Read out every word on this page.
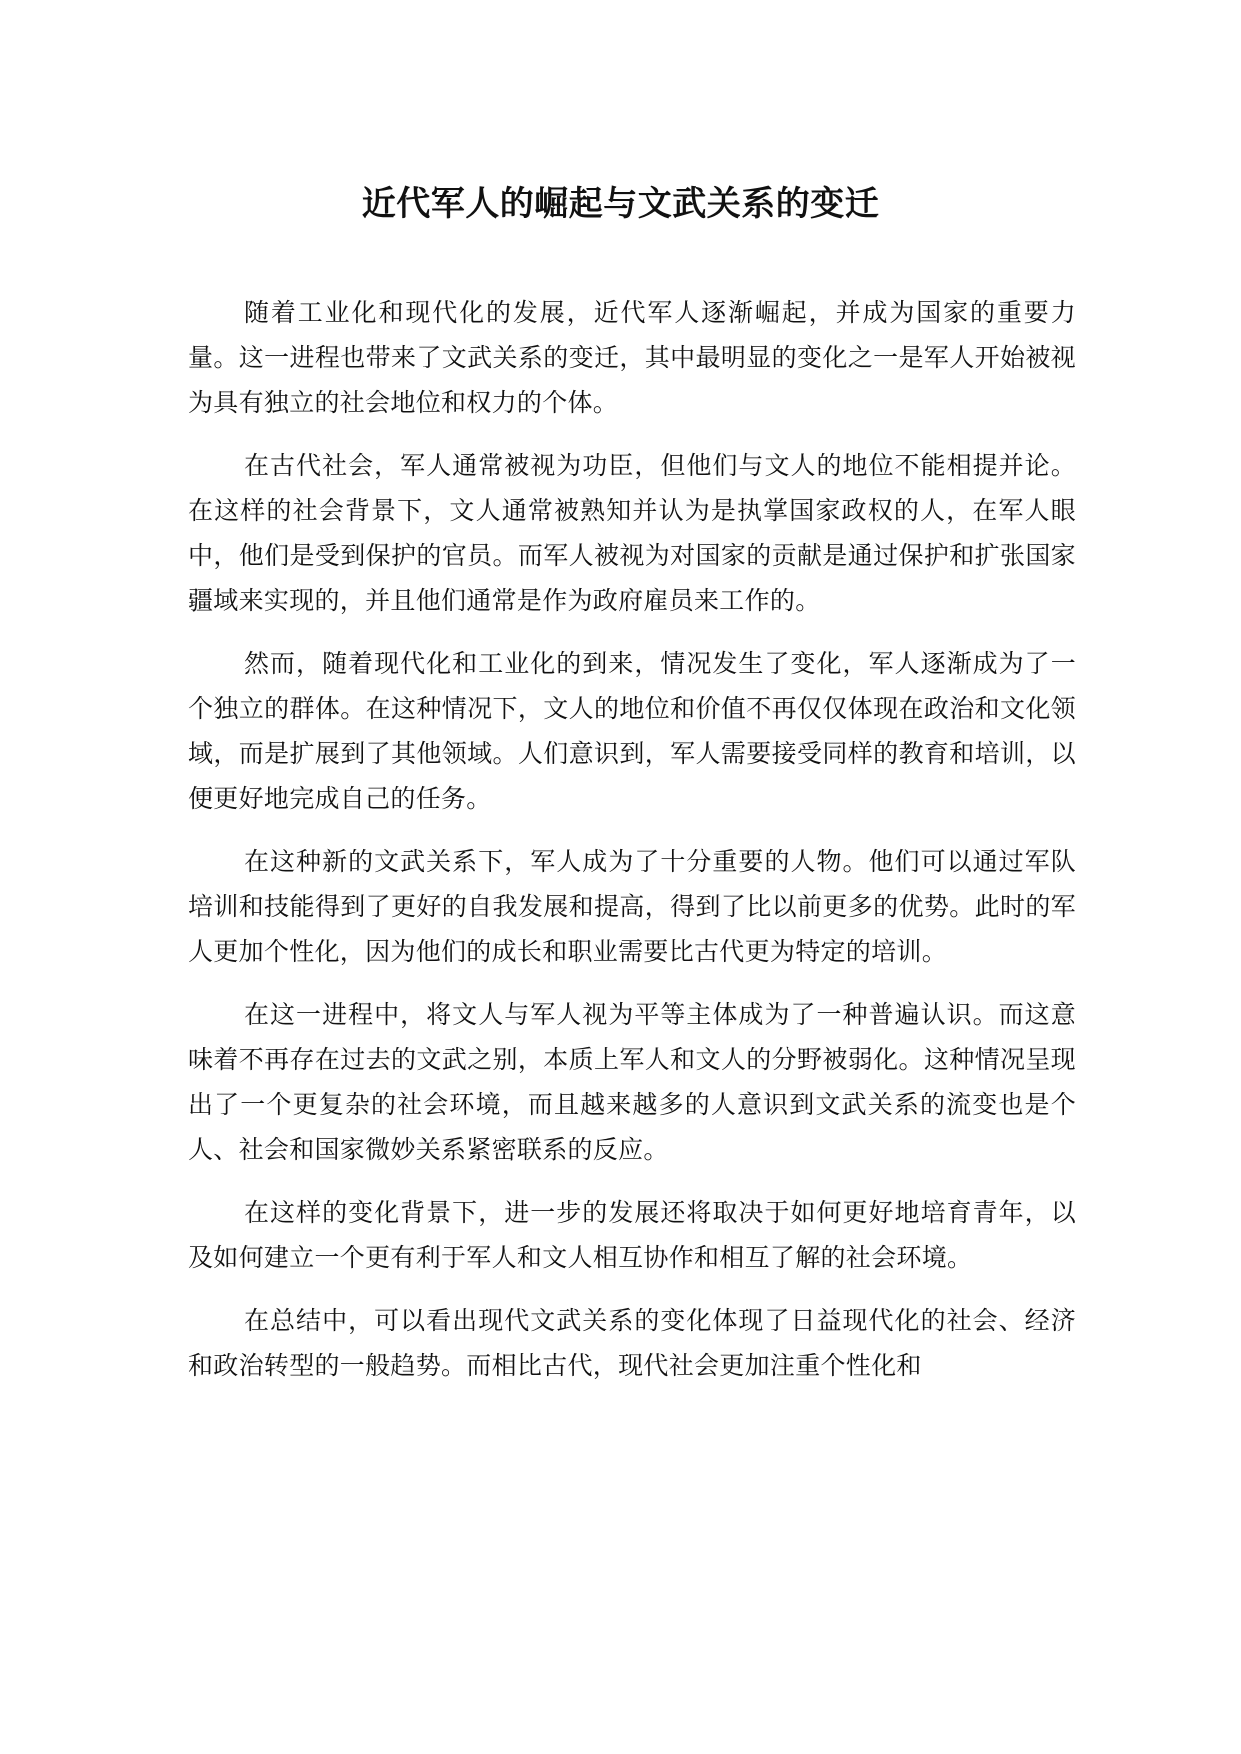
近代军人的崛起与文武关系的变迁

随着工业化和现代化的发展，近代军人逐渐崛起，并成为国家的重要力量。这一进程也带来了文武关系的变迁，其中最明显的变化之一是军人开始被视为具有独立的社会地位和权力的个体。

在古代社会，军人通常被视为功臣，但他们与文人的地位不能相提并论。在这样的社会背景下，文人通常被熟知并认为是执掌国家政权的人，在军人眼中，他们是受到保护的官员。而军人被视为对国家的贡献是通过保护和扩张国家疆域来实现的，并且他们通常是作为政府雇员来工作的。

然而，随着现代化和工业化的到来，情况发生了变化，军人逐渐成为了一个独立的群体。在这种情况下，文人的地位和价值不再仅仅体现在政治和文化领域，而是扩展到了其他领域。人们意识到，军人需要接受同样的教育和培训，以便更好地完成自己的任务。

在这种新的文武关系下，军人成为了十分重要的人物。他们可以通过军队培训和技能得到了更好的自我发展和提高，得到了比以前更多的优势。此时的军人更加个性化，因为他们的成长和职业需要比古代更为特定的培训。

在这一进程中，将文人与军人视为平等主体成为了一种普遍认识。而这意味着不再存在过去的文武之别，本质上军人和文人的分野被弱化。这种情况呈现出了一个更复杂的社会环境，而且越来越多的人意识到文武关系的流变也是个人、社会和国家微妙关系紧密联系的反应。

在这样的变化背景下，进一步的发展还将取决于如何更好地培育青年，以及如何建立一个更有利于军人和文人相互协作和相互了解的社会环境。

在总结中，可以看出现代文武关系的变化体现了日益现代化的社会、经济和政治转型的一般趋势。而相比古代，现代社会更加注重个性化和
